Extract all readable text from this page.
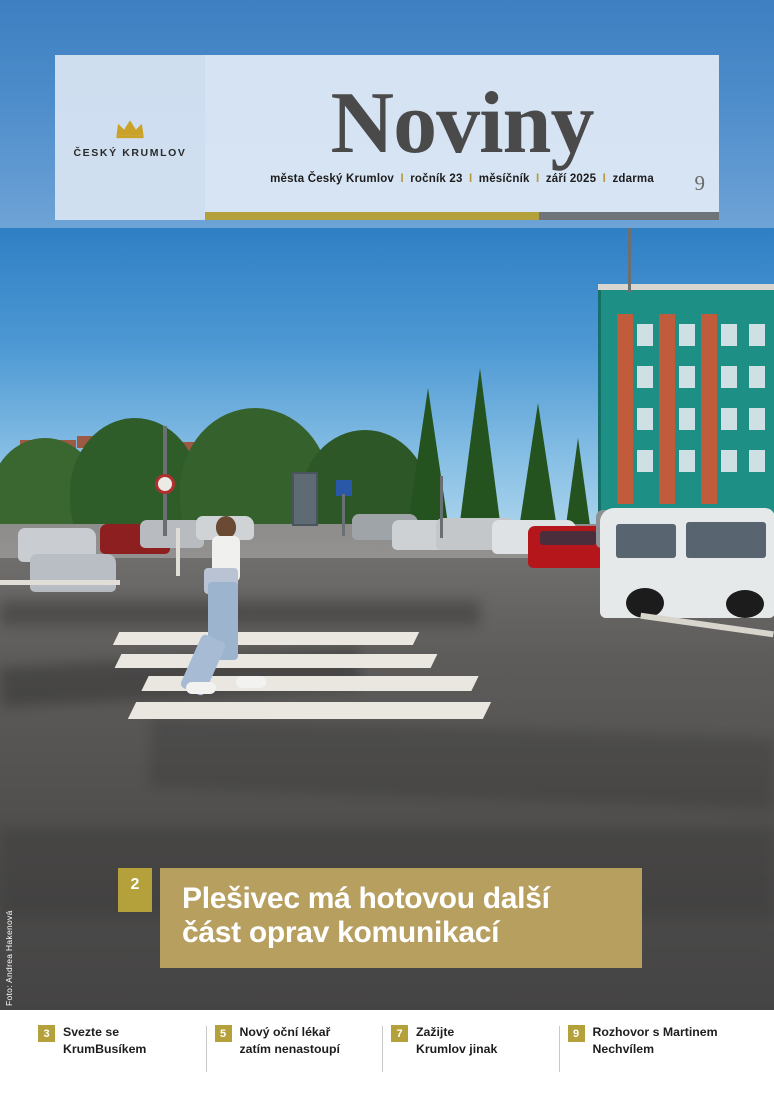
ČESKÝ KRUMLOV Noviny
města Český Krumlov I ročník 23 I měsíčník I září 2025 I zdarma 9
Foto: Andrea Hakenová
2	Plešivec má hotovou další
část oprav komunikací
3	Svezte se
KrumBusíkem
5	Nový oční lékař
zatím nenastoupí
7	Zažijte
Krumlov jinak
9	Rozhovor s Martinem
Nechvílem
